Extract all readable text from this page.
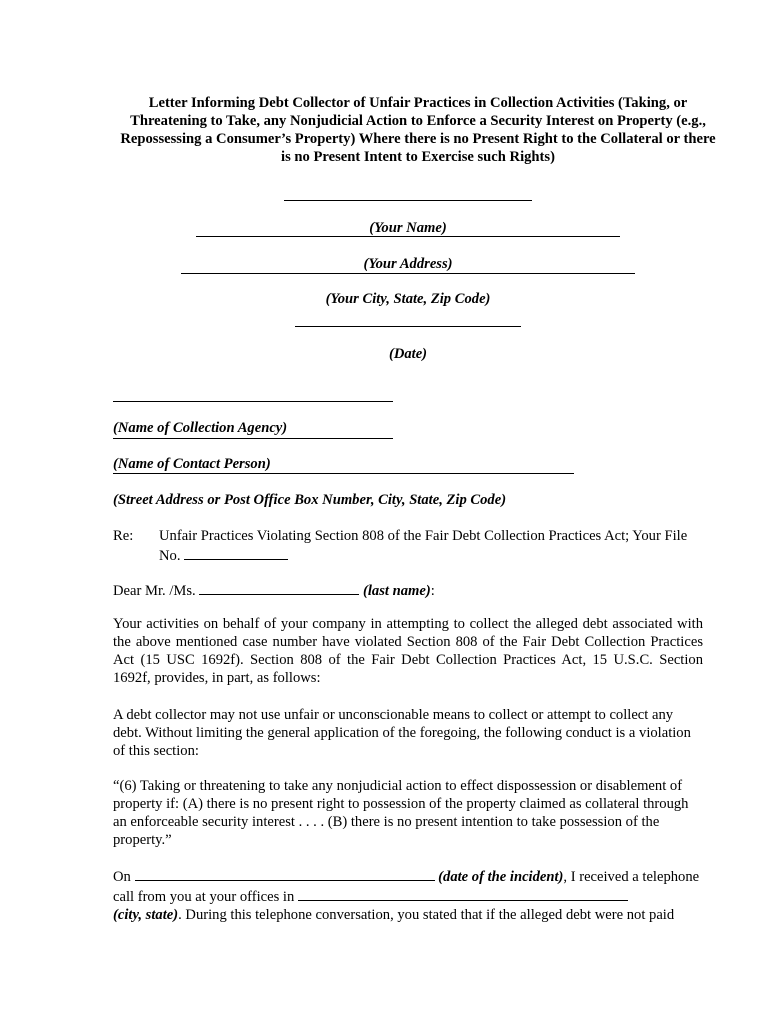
Letter Informing Debt Collector of Unfair Practices in Collection Activities (Taking, or Threatening to Take, any Nonjudicial Action to Enforce a Security Interest on Property (e.g., Repossessing a Consumer’s Property) Where there is no Present Right to the Collateral or there is no Present Intent to Exercise such Rights)
(Your Name)
(Your Address)
(Your City, State, Zip Code)
(Date)
(Name of Collection Agency)
(Name of Contact Person)
(Street Address or Post Office Box Number, City, State, Zip Code)
Re: Unfair Practices Violating Section 808 of the Fair Debt Collection Practices Act; Your File No.
Dear Mr. /Ms.	(last name):
Your activities on behalf of your company in attempting to collect the alleged debt associated with the above mentioned case number have violated Section 808 of the Fair Debt Collection Practices Act (15 USC 1692f). Section 808 of the Fair Debt Collection Practices Act, 15 U.S.C. Section 1692f, provides, in part, as follows:
A debt collector may not use unfair or unconscionable means to collect or attempt to collect any debt. Without limiting the general application of the foregoing, the following conduct is a violation of this section:
“(6) Taking or threatening to take any nonjudicial action to effect dispossession or disablement of property if: (A) there is no present right to possession of the property claimed as collateral through an enforceable security interest . . . . (B) there is no present intention to take possession of the property.”
On	(date of the incident), I received a telephone call from you at your offices in
(city, state). During this telephone conversation, you stated that if the alleged debt were not paid
